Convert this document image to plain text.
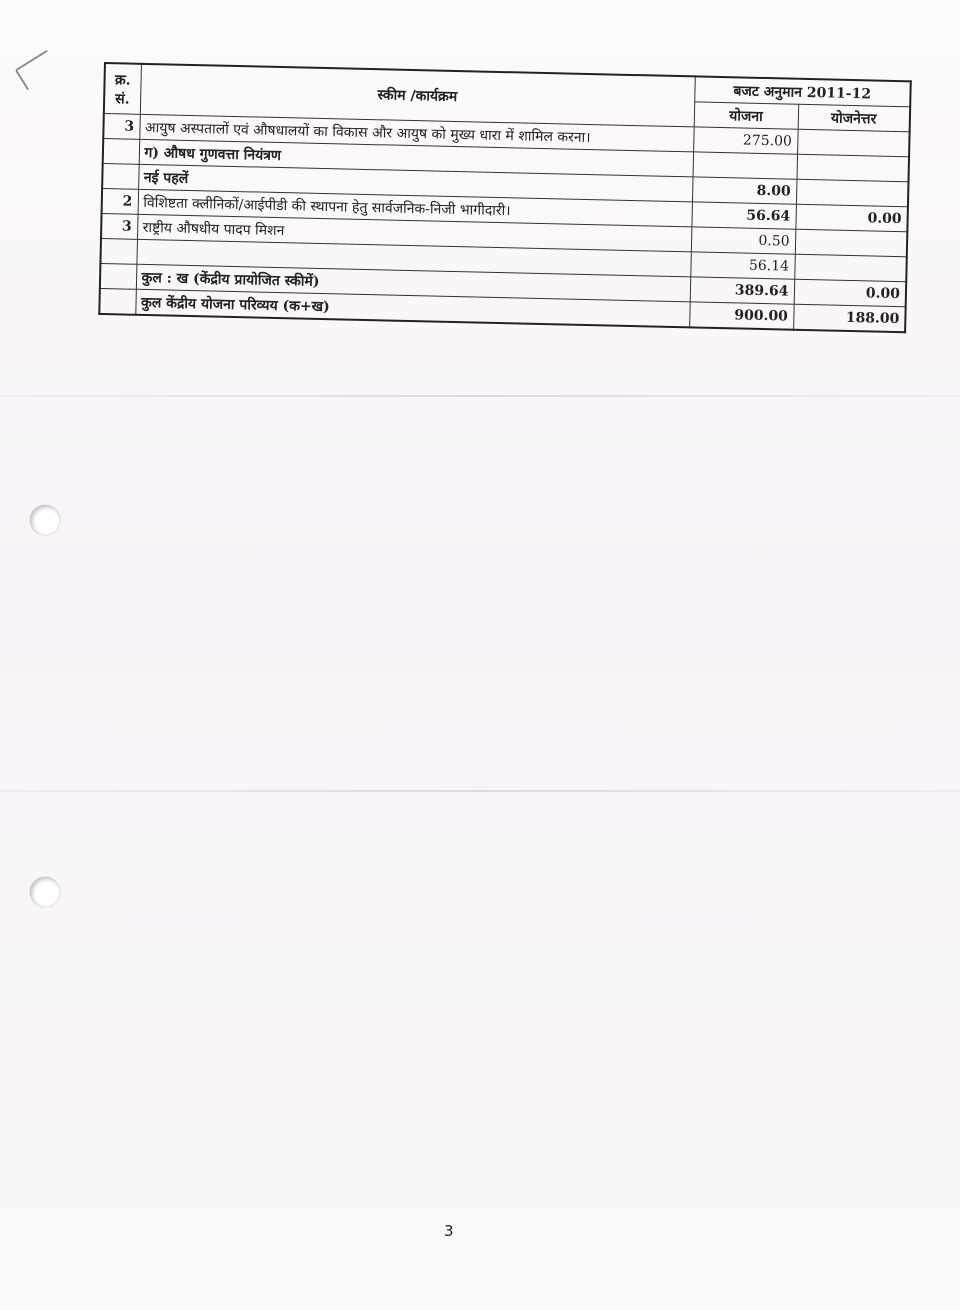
क्र. सं.	स्कीम /कार्यक्रम	बजट अनुमान 2011-12	
		योजना	योजनेत्तर
3	आयुष अस्पतालों एवं औषधालयों का विकास और आयुष को मुख्य धारा में शामिल करना।	275.00	
	ग) औषध गुणवत्ता नियंत्रण		
	नई पहलें	8.00	
2	विशिष्टता क्लीनिकों/आईपीडी की स्थापना हेतु सार्वजनिक-निजी भागीदारी।	56.64	0.00
3	राष्ट्रीय औषधीय पादप मिशन	0.50	
		56.14	
	कुल : ख (केंद्रीय प्रायोजित स्कीमें)	389.64	0.00
	कुल केंद्रीय योजना परिव्यय (क+ख)	900.00	188.00
3
